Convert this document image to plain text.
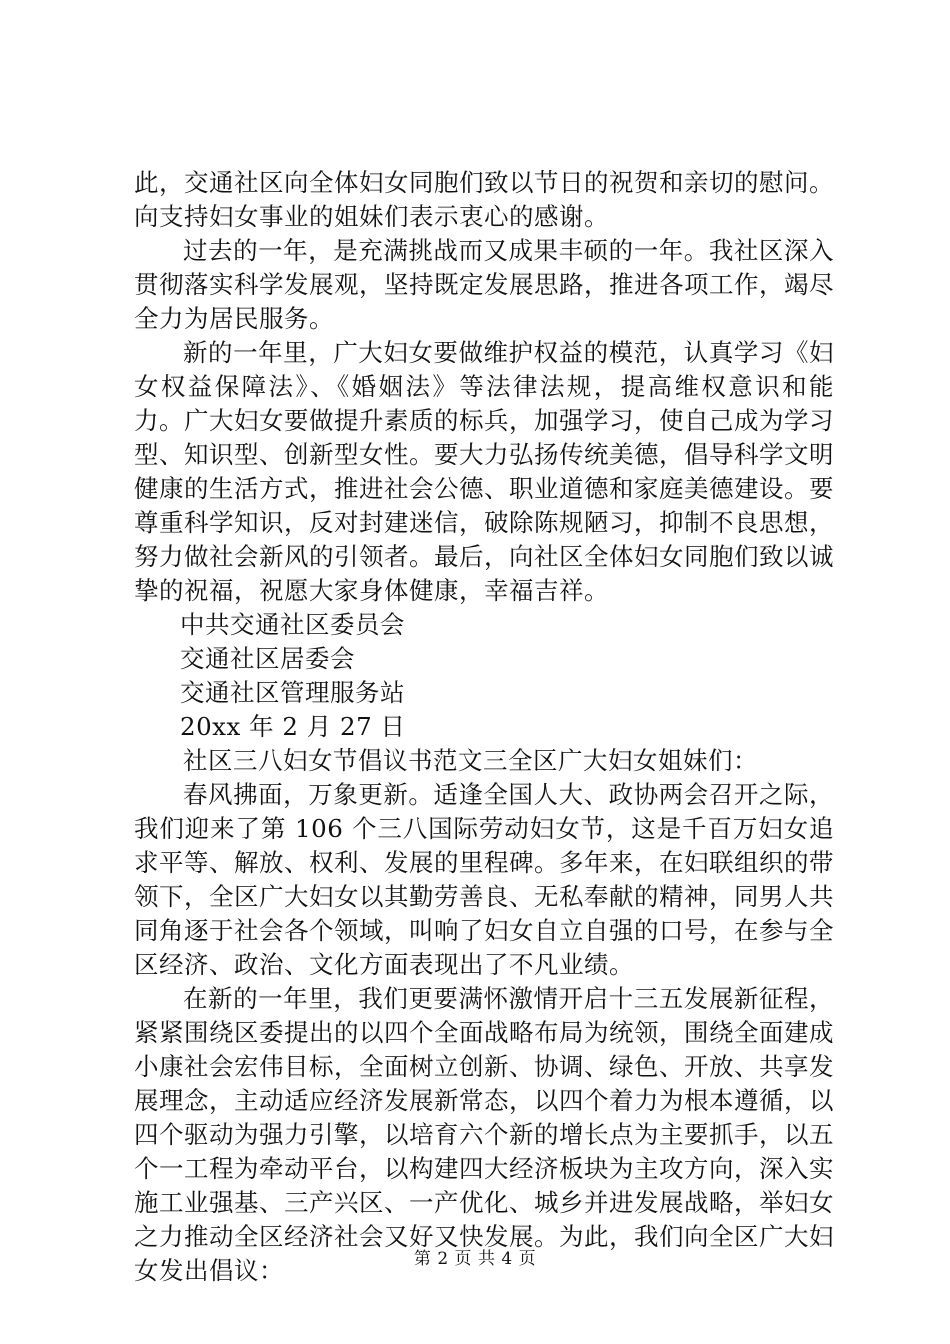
此，交通社区向全体妇女同胞们致以节日的祝贺和亲切的慰问。向支持妇女事业的姐妹们表示衷心的感谢。

过去的一年，是充满挑战而又成果丰硕的一年。我社区深入贯彻落实科学发展观，坚持既定发展思路，推进各项工作，竭尽全力为居民服务。

新的一年里，广大妇女要做维护权益的模范，认真学习《妇女权益保障法》、《婚姻法》等法律法规，提高维权意识和能力。广大妇女要做提升素质的标兵，加强学习，使自己成为学习型、知识型、创新型女性。要大力弘扬传统美德，倡导科学文明健康的生活方式，推进社会公德、职业道德和家庭美德建设。要尊重科学知识，反对封建迷信，破除陈规陋习，抑制不良思想，努力做社会新风的引领者。最后，向社区全体妇女同胞们致以诚挚的祝福，祝愿大家身体健康，幸福吉祥。

中共交通社区委员会

交通社区居委会

交通社区管理服务站

20xx 年 2 月 27 日

社区三八妇女节倡议书范文三全区广大妇女姐妹们：

春风拂面，万象更新。适逢全国人大、政协两会召开之际，我们迎来了第 106 个三八国际劳动妇女节，这是千百万妇女追求平等、解放、权利、发展的里程碑。多年来，在妇联组织的带领下，全区广大妇女以其勤劳善良、无私奉献的精神，同男人共同角逐于社会各个领域，叫响了妇女自立自强的口号，在参与全区经济、政治、文化方面表现出了不凡业绩。

在新的一年里，我们更要满怀激情开启十三五发展新征程，紧紧围绕区委提出的以四个全面战略布局为统领，围绕全面建成小康社会宏伟目标，全面树立创新、协调、绿色、开放、共享发展理念，主动适应经济发展新常态，以四个着力为根本遵循，以四个驱动为强力引擎，以培育六个新的增长点为主要抓手，以五个一工程为牵动平台，以构建四大经济板块为主攻方向，深入实施工业强基、三产兴区、一产优化、城乡并进发展战略，举妇女之力推动全区经济社会又好又快发展。为此，我们向全区广大妇女发出倡议：	第 2 页 共 4 页
